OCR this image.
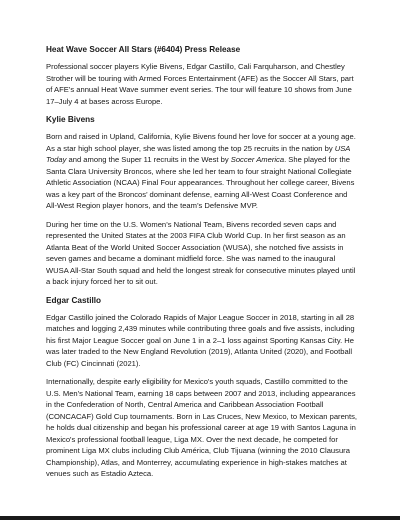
Heat Wave Soccer All Stars (#6404) Press Release

Professional soccer players Kylie Bivens, Edgar Castillo, Cali Farquharson, and Chestley Strother will be touring with Armed Forces Entertainment (AFE) as the Soccer All Stars, part of AFE’s annual Heat Wave summer event series. The tour will feature 10 shows from June 17–July 4 at bases across Europe.

Kylie Bivens

Born and raised in Upland, California, Kylie Bivens found her love for soccer at a young age. As a star high school player, she was listed among the top 25 recruits in the nation by USA Today and among the Super 11 recruits in the West by Soccer America. She played for the Santa Clara University Broncos, where she led her team to four straight National Collegiate Athletic Association (NCAA) Final Four appearances. Throughout her college career, Bivens was a key part of the Broncos’ dominant defense, earning All-West Coast Conference and All-West Region player honors, and the team’s Defensive MVP.

During her time on the U.S. Women’s National Team, Bivens recorded seven caps and represented the United States at the 2003 FIFA Club World Cup. In her first season as an Atlanta Beat of the World United Soccer Association (WUSA), she notched five assists in seven games and became a dominant midfield force. She was named to the inaugural WUSA All-Star South squad and held the longest streak for consecutive minutes played until a back injury forced her to sit out.

Edgar Castillo

Edgar Castillo joined the Colorado Rapids of Major League Soccer in 2018, starting in all 28 matches and logging 2,439 minutes while contributing three goals and five assists, including his first Major League Soccer goal on June 1 in a 2–1 loss against Sporting Kansas City. He was later traded to the New England Revolution (2019), Atlanta United (2020), and Football Club (FC) Cincinnati (2021).

Internationally, despite early eligibility for Mexico's youth squads, Castillo committed to the U.S. Men's National Team, earning 18 caps between 2007 and 2013, including appearances in the Confederation of North, Central America and Caribbean Association Football (CONCACAF) Gold Cup tournaments. Born in Las Cruces, New Mexico, to Mexican parents, he holds dual citizenship and began his professional career at age 19 with Santos Laguna in Mexico's professional football league, Liga MX. Over the next decade, he competed for prominent Liga MX clubs including Club América, Club Tijuana (winning the 2010 Clausura Championship), Atlas, and Monterrey, accumulating experience in high-stakes matches at venues such as Estadio Azteca.
